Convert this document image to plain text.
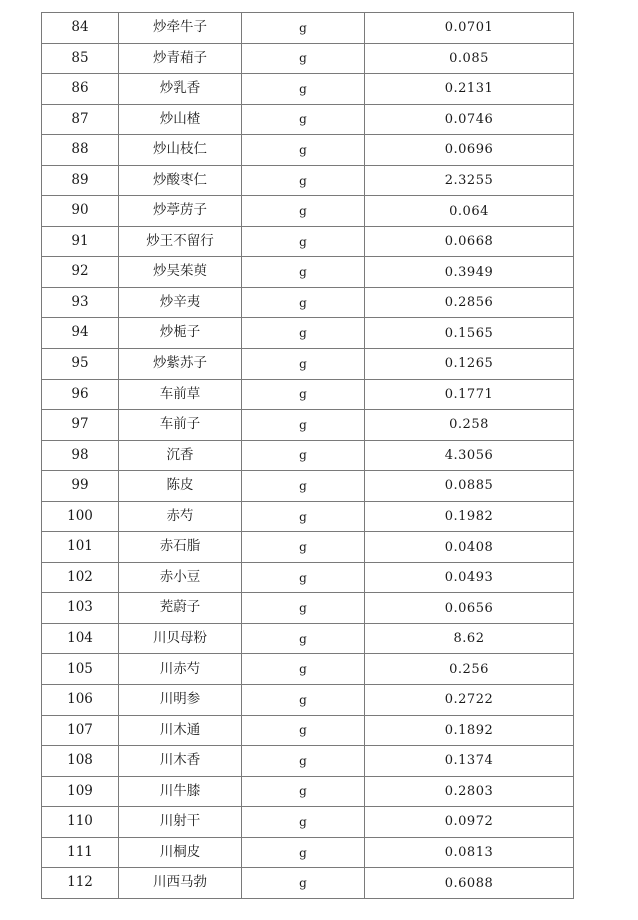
84	炒牵牛子	g	0.0701
85	炒青葙子	g	0.085
86	炒乳香	g	0.2131
87	炒山楂	g	0.0746
88	炒山枝仁	g	0.0696
89	炒酸枣仁	g	2.3255
90	炒葶苈子	g	0.064
91	炒王不留行	g	0.0668
92	炒吴茱萸	g	0.3949
93	炒辛夷	g	0.2856
94	炒栀子	g	0.1565
95	炒紫苏子	g	0.1265
96	车前草	g	0.1771
97	车前子	g	0.258
98	沉香	g	4.3056
99	陈皮	g	0.0885
100	赤芍	g	0.1982
101	赤石脂	g	0.0408
102	赤小豆	g	0.0493
103	茺蔚子	g	0.0656
104	川贝母粉	g	8.62
105	川赤芍	g	0.256
106	川明参	g	0.2722
107	川木通	g	0.1892
108	川木香	g	0.1374
109	川牛膝	g	0.2803
110	川射干	g	0.0972
111	川桐皮	g	0.0813
112	川西马勃	g	0.6088
